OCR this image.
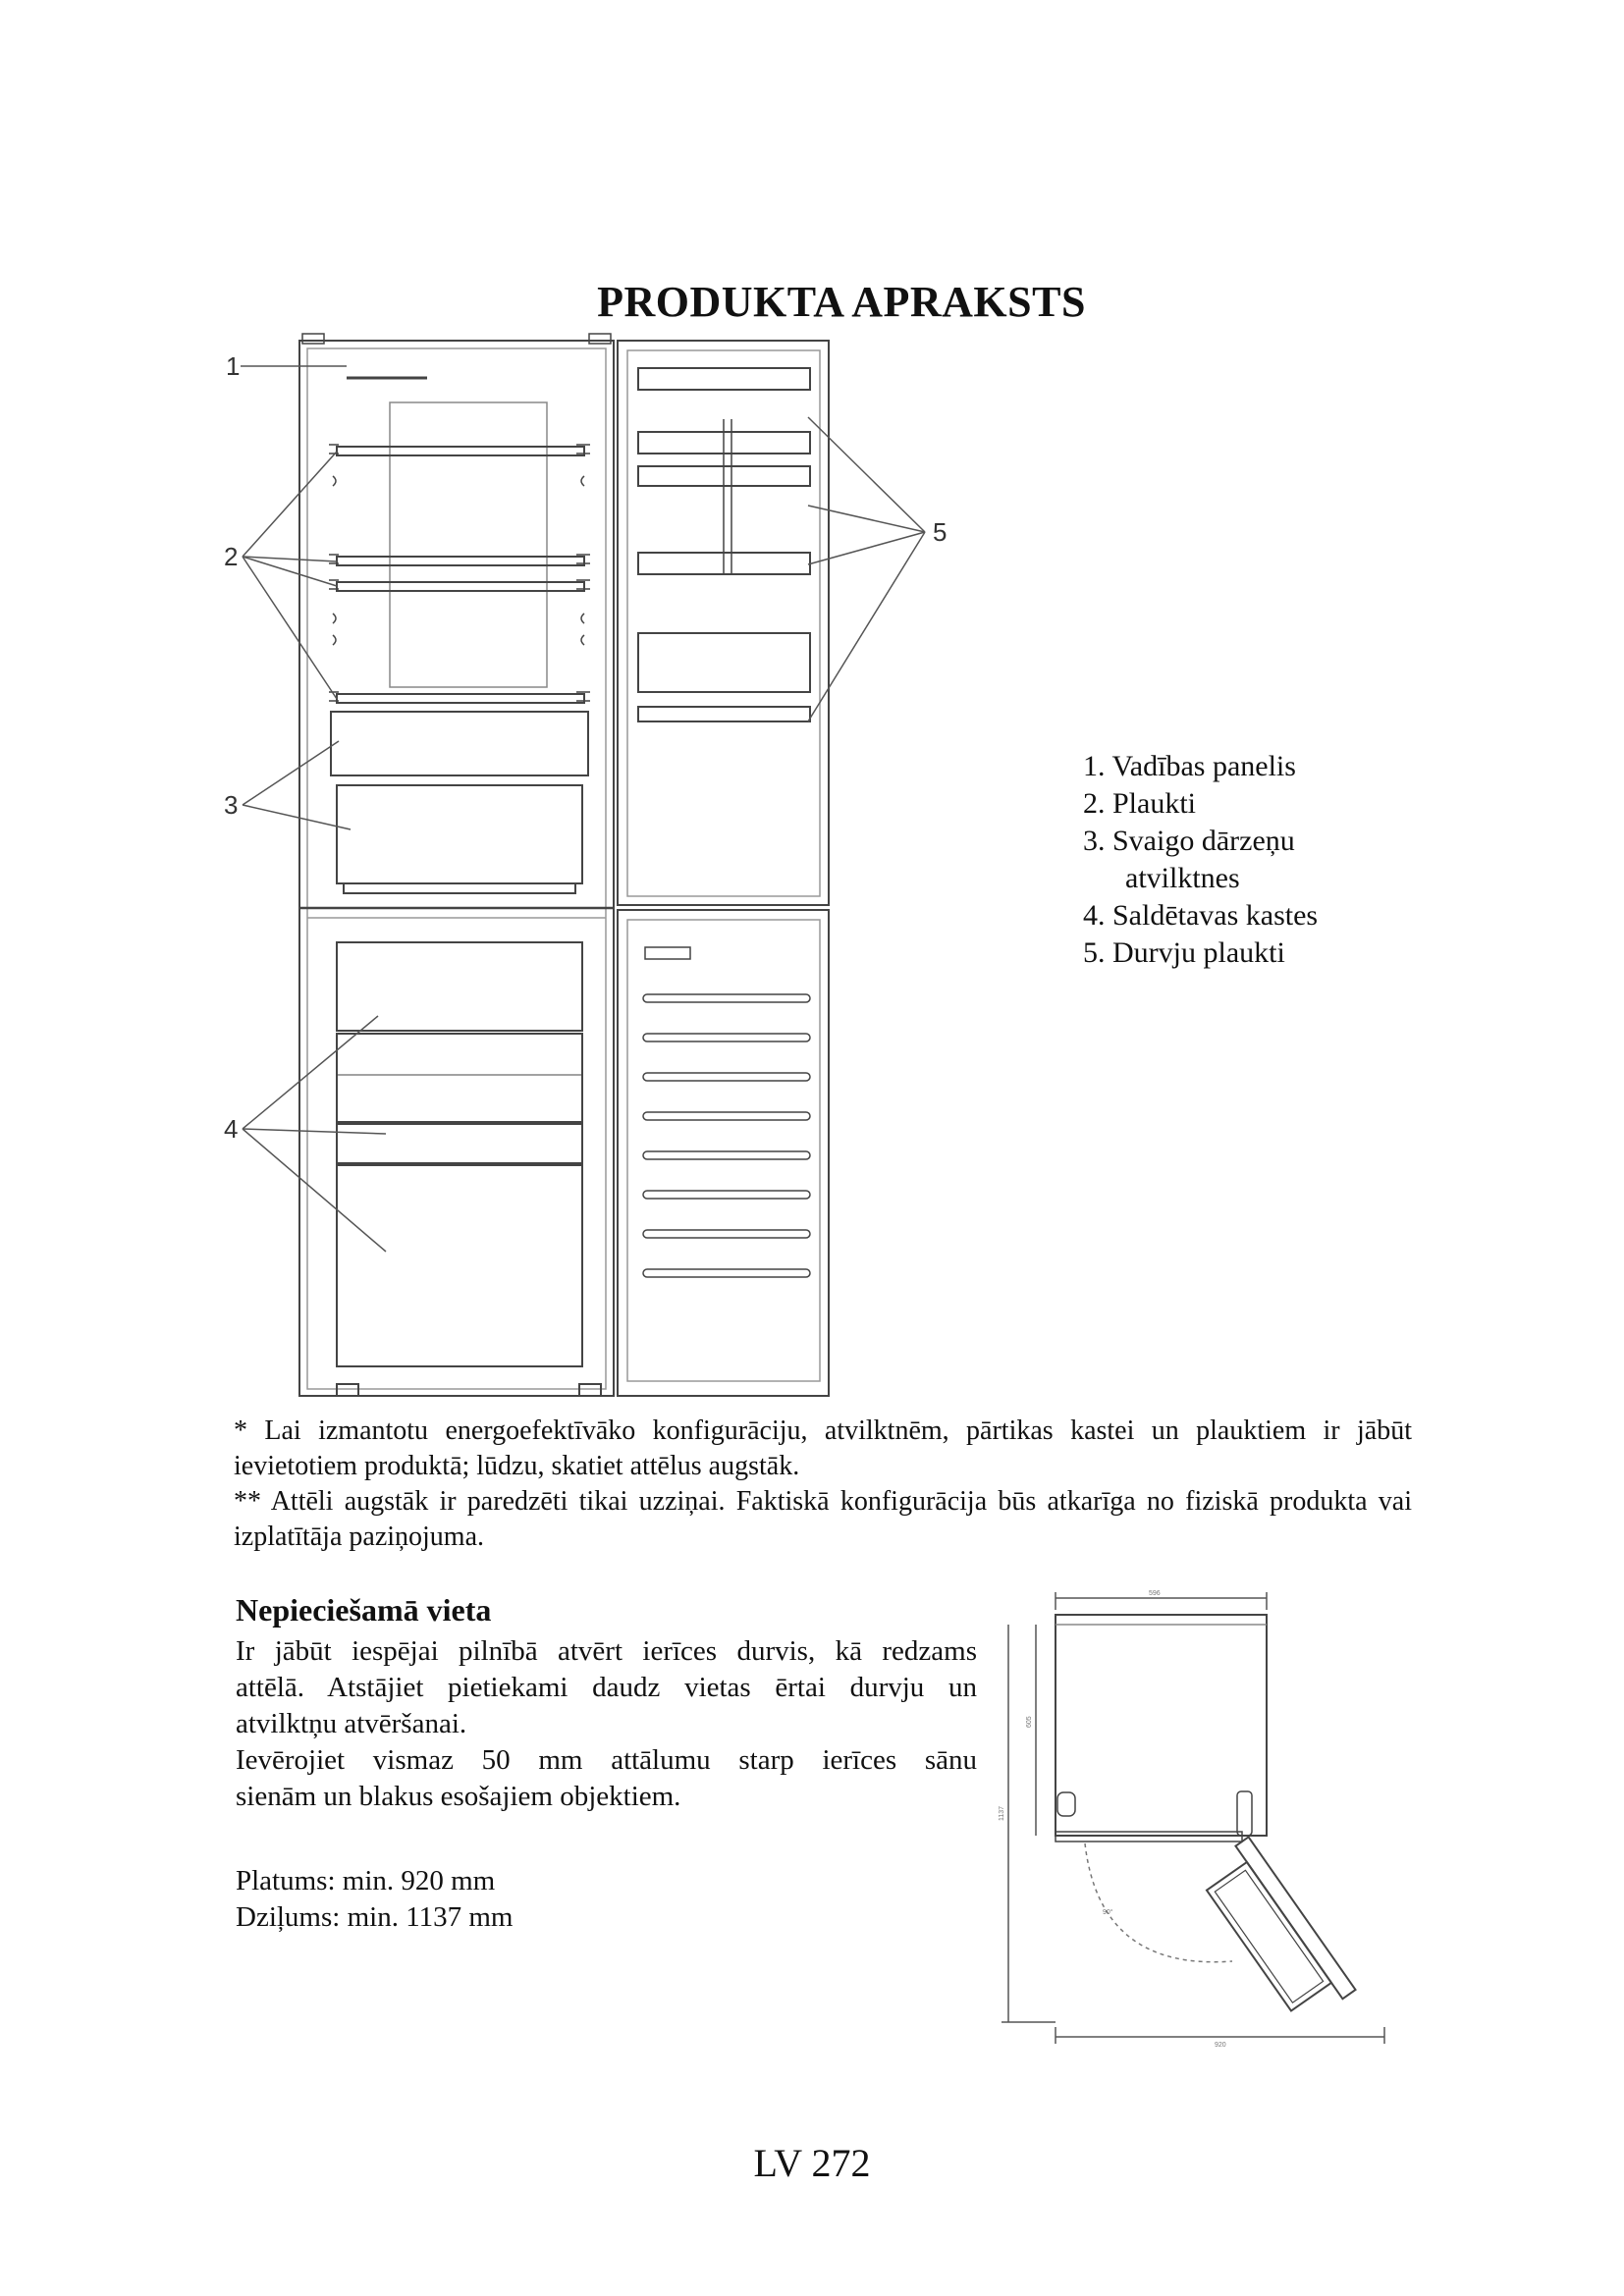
PRODUKTA APRAKSTS
1
2
3
4
5
1. Vadības panelis
2. Plaukti
3. Svaigo dārzeņu
atvilktnes
4. Saldētavas kastes
5. Durvju plaukti

* Lai izmantotu energoefektīvāko konfigurāciju, atvilktnēm, pārtikas kastei un plauktiem ir jābūt ievietotiem produktā; lūdzu, skatiet attēlus augstāk.

** Attēli augstāk ir paredzēti tikai uzziņai. Faktiskā konfigurācija būs atkarīga no fiziskā produkta vai izplatītāja paziņojuma.

Nepieciešamā vieta

Ir jābūt iespējai pilnībā atvērt ierīces durvis, kā redzams

attēlā. Atstājiet pietiekami daudz vietas ērtai durvju un

atvilktņu atvēršanai.

Ievērojiet vismaz 50 mm attālumu starp ierīces sānu

sienām un blakus esošajiem objektiem.

Platums: min. 920 mm
Dziļums: min. 1137 mm
596
605
1137
90°
920
LV 272
